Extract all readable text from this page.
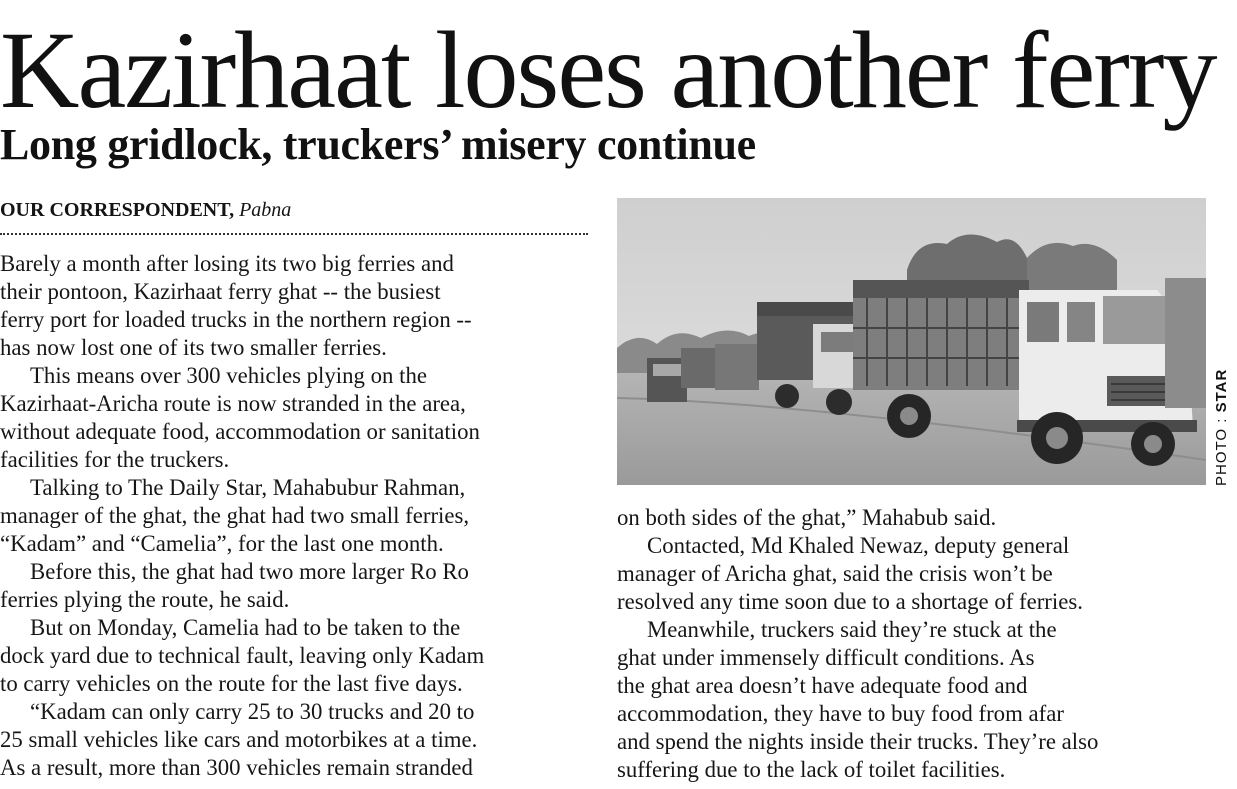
Kazirhaat loses another ferry
Long gridlock, truckers’ misery continue
OUR CORRESPONDENT, Pabna
Barely a month after losing its two big ferries and
their pontoon, Kazirhaat ferry ghat -- the busiest
ferry port for loaded trucks in the northern region --
has now lost one of its two smaller ferries.
This means over 300 vehicles plying on the
Kazirhaat-Aricha route is now stranded in the area,
without adequate food, accommodation or sanitation
facilities for the truckers.
Talking to The Daily Star, Mahabubur Rahman,
manager of the ghat, the ghat had two small ferries,
“Kadam” and “Camelia”, for the last one month.
Before this, the ghat had two more larger Ro Ro
ferries plying the route, he said.
But on Monday, Camelia had to be taken to the
dock yard due to technical fault, leaving only Kadam
to carry vehicles on the route for the last five days.
“Kadam can only carry 25 to 30 trucks and 20 to
25 small vehicles like cars and motorbikes at a time.
As a result, more than 300 vehicles remain stranded
PHOTO : STAR
on both sides of the ghat,” Mahabub said.
Contacted, Md Khaled Newaz, deputy general
manager of Aricha ghat, said the crisis won’t be
resolved any time soon due to a shortage of ferries.
Meanwhile, truckers said they’re stuck at the
ghat under immensely difficult conditions. As
the ghat area doesn’t have adequate food and
accommodation, they have to buy food from afar
and spend the nights inside their trucks. They’re also
suffering due to the lack of toilet facilities.
